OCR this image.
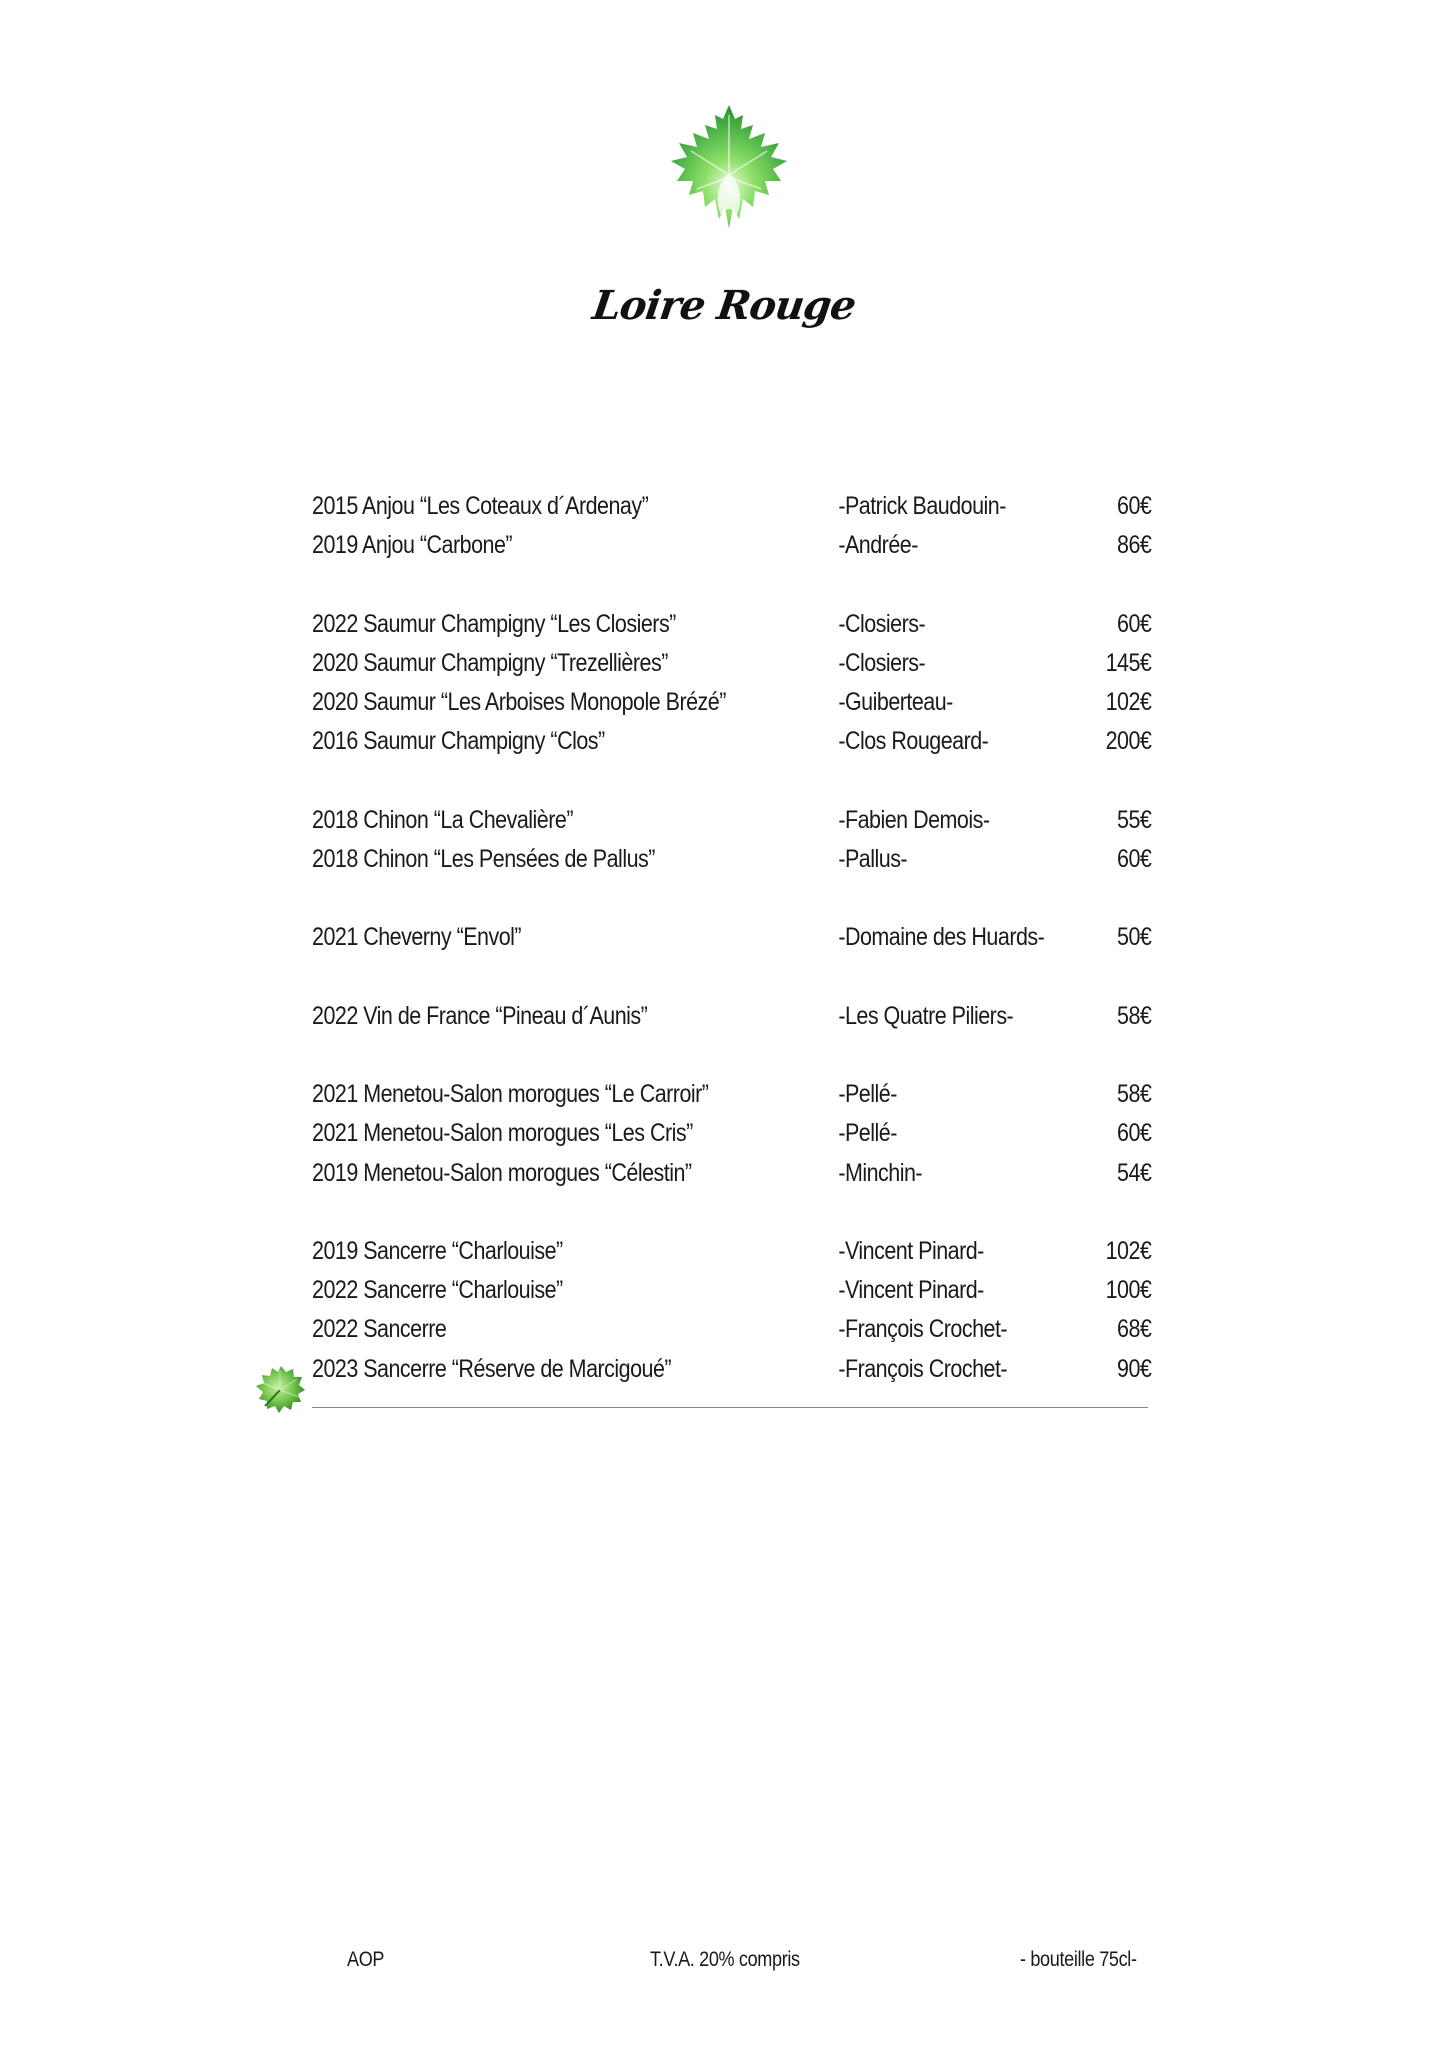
Loire Rouge
2015 Anjou “Les Coteaux d´Ardenay”	-Patrick Baudouin-	60€
2019 Anjou “Carbone”	-Andrée-	86€
2022 Saumur Champigny “Les Closiers”	-Closiers-	60€
2020 Saumur Champigny “Trezellières”	-Closiers-	145€
2020 Saumur “Les Arboises Monopole Brézé”	-Guiberteau-	102€
2016 Saumur Champigny “Clos”	-Clos Rougeard-	200€
2018 Chinon “La Chevalière”	-Fabien Demois-	55€
2018 Chinon “Les Pensées de Pallus”	-Pallus-	60€
2021 Cheverny “Envol”	-Domaine des Huards-	50€
2022 Vin de France “Pineau d´Aunis”	-Les Quatre Piliers-	58€
2021 Menetou-Salon morogues “Le Carroir”	-Pellé-	58€
2021 Menetou-Salon morogues “Les Cris”	-Pellé-	60€
2019 Menetou-Salon morogues “Célestin”	-Minchin-	54€
2019 Sancerre “Charlouise”	-Vincent Pinard-	102€
2022 Sancerre “Charlouise”	-Vincent Pinard-	100€
2022 Sancerre	-François Crochet-	68€
2023 Sancerre “Réserve de Marcigoué”	-François Crochet-	90€
AOP	T.V.A. 20% compris	- bouteille 75cl-
